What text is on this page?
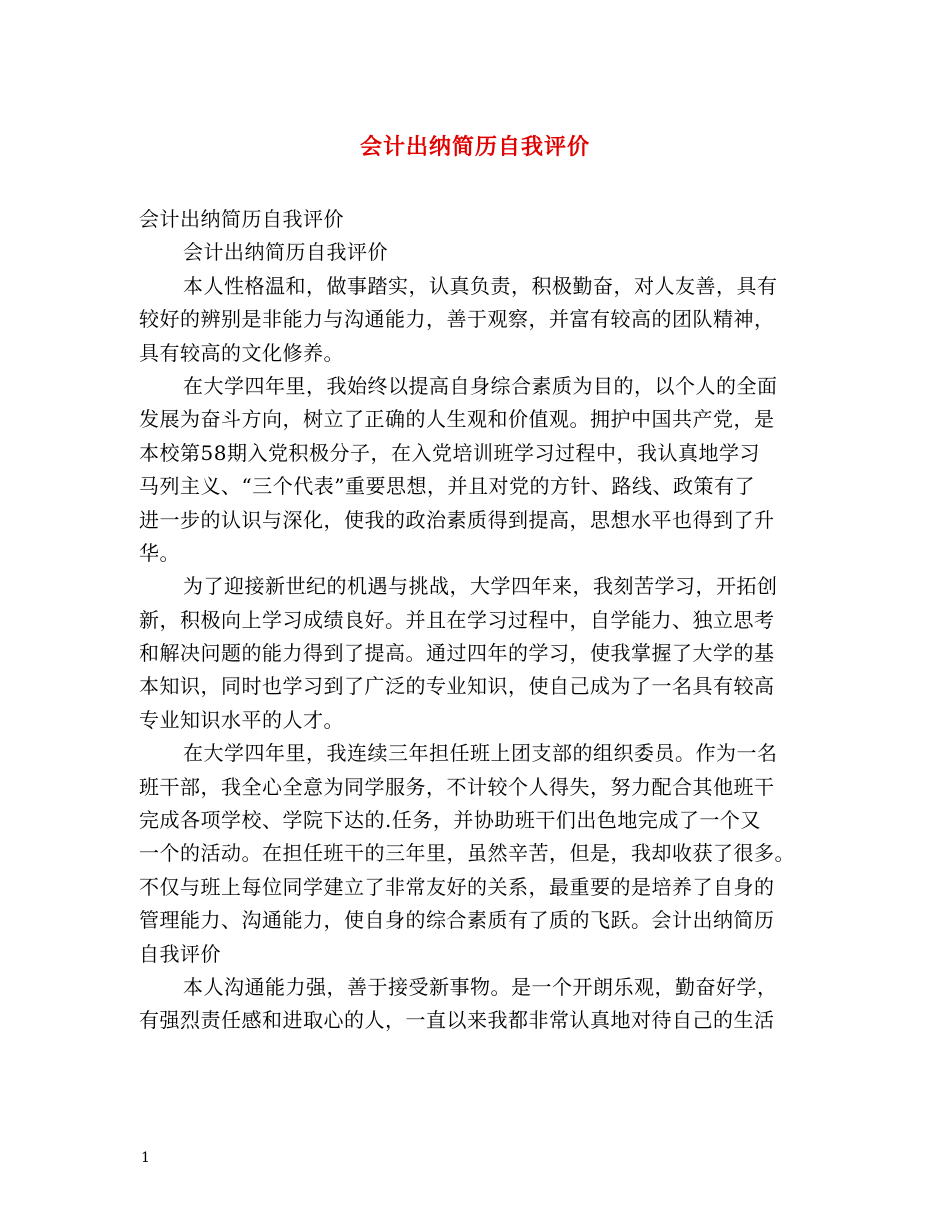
会计出纳简历自我评价
会计出纳简历自我评价
会计出纳简历自我评价
本人性格温和，做事踏实，认真负责，积极勤奋，对人友善，具有
较好的辨别是非能力与沟通能力，善于观察，并富有较高的团队精神，
具有较高的文化修养。
在大学四年里，我始终以提高自身综合素质为目的，以个人的全面
发展为奋斗方向，树立了正确的人生观和价值观。拥护中国共产党，是
本校第58期入党积极分子，在入党培训班学习过程中，我认真地学习
马列主义、“三个代表”重要思想，并且对党的方针、路线、政策有了
进一步的认识与深化，使我的政治素质得到提高，思想水平也得到了升
华。
为了迎接新世纪的机遇与挑战，大学四年来，我刻苦学习，开拓创
新，积极向上学习成绩良好。并且在学习过程中，自学能力、独立思考
和解决问题的能力得到了提高。通过四年的学习，使我掌握了大学的基
本知识，同时也学习到了广泛的专业知识，使自己成为了一名具有较高
专业知识水平的人才。
在大学四年里，我连续三年担任班上团支部的组织委员。作为一名
班干部，我全心全意为同学服务，不计较个人得失，努力配合其他班干
完成各项学校、学院下达的.任务，并协助班干们出色地完成了一个又
一个的活动。在担任班干的三年里，虽然辛苦，但是，我却收获了很多。
不仅与班上每位同学建立了非常友好的关系，最重要的是培养了自身的
管理能力、沟通能力，使自身的综合素质有了质的飞跃。会计出纳简历
自我评价
本人沟通能力强，善于接受新事物。是一个开朗乐观，勤奋好学，
有强烈责任感和进取心的人，一直以来我都非常认真地对待自己的生活
1
